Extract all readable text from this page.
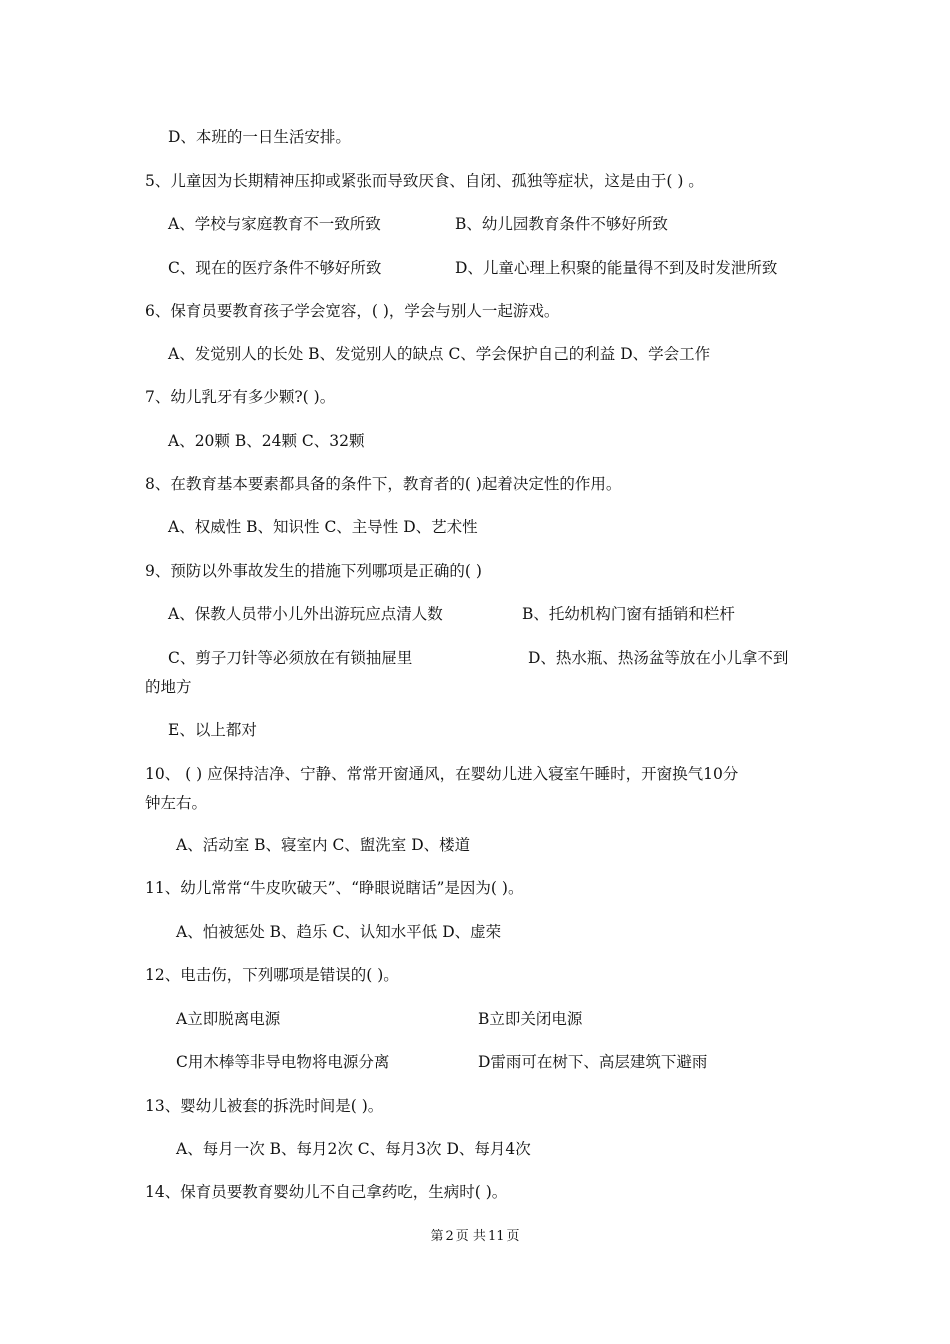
D、本班的一日生活安排。
5、儿童因为长期精神压抑或紧张而导致厌食、自闭、孤独等症状，这是由于( ) 。
A、学校与家庭教育不一致所致	B、幼儿园教育条件不够好所致
C、现在的医疗条件不够好所致	D、儿童心理上积聚的能量得不到及时发泄所致
6、保育员要教育孩子学会宽容，( )，学会与别人一起游戏。
A、发觉别人的长处 B、发觉别人的缺点 C、学会保护自己的利益 D、学会工作
7、幼儿乳牙有多少颗?( )。
A、20颗 B、24颗 C、32颗
8、在教育基本要素都具备的条件下，教育者的( )起着决定性的作用。
A、权威性 B、知识性 C、主导性 D、艺术性
9、预防以外事故发生的措施下列哪项是正确的( )
A、保教人员带小儿外出游玩应点清人数	B、托幼机构门窗有插销和栏杆
C、剪子刀针等必须放在有锁抽屉里	D、热水瓶、热汤盆等放在小儿拿不到
的地方
E、以上都对
10、 ( ) 应保持洁净、宁静、常常开窗通风，在婴幼儿进入寝室午睡时，开窗换气10分
钟左右。
A、活动室 B、寝室内 C、盥洗室 D、楼道
11、幼儿常常“牛皮吹破天”、“睁眼说瞎话”是因为( )。
A、怕被惩处 B、趋乐 C、认知水平低 D、虚荣
12、电击伤，下列哪项是错误的( )。
A立即脱离电源	B立即关闭电源
C用木棒等非导电物将电源分离	D雷雨可在树下、高层建筑下避雨
13、婴幼儿被套的拆洗时间是( )。
A、每月一次 B、每月2次 C、每月3次 D、每月4次
14、保育员要教育婴幼儿不自己拿药吃，生病时( )。
第 2 页 共 11 页
